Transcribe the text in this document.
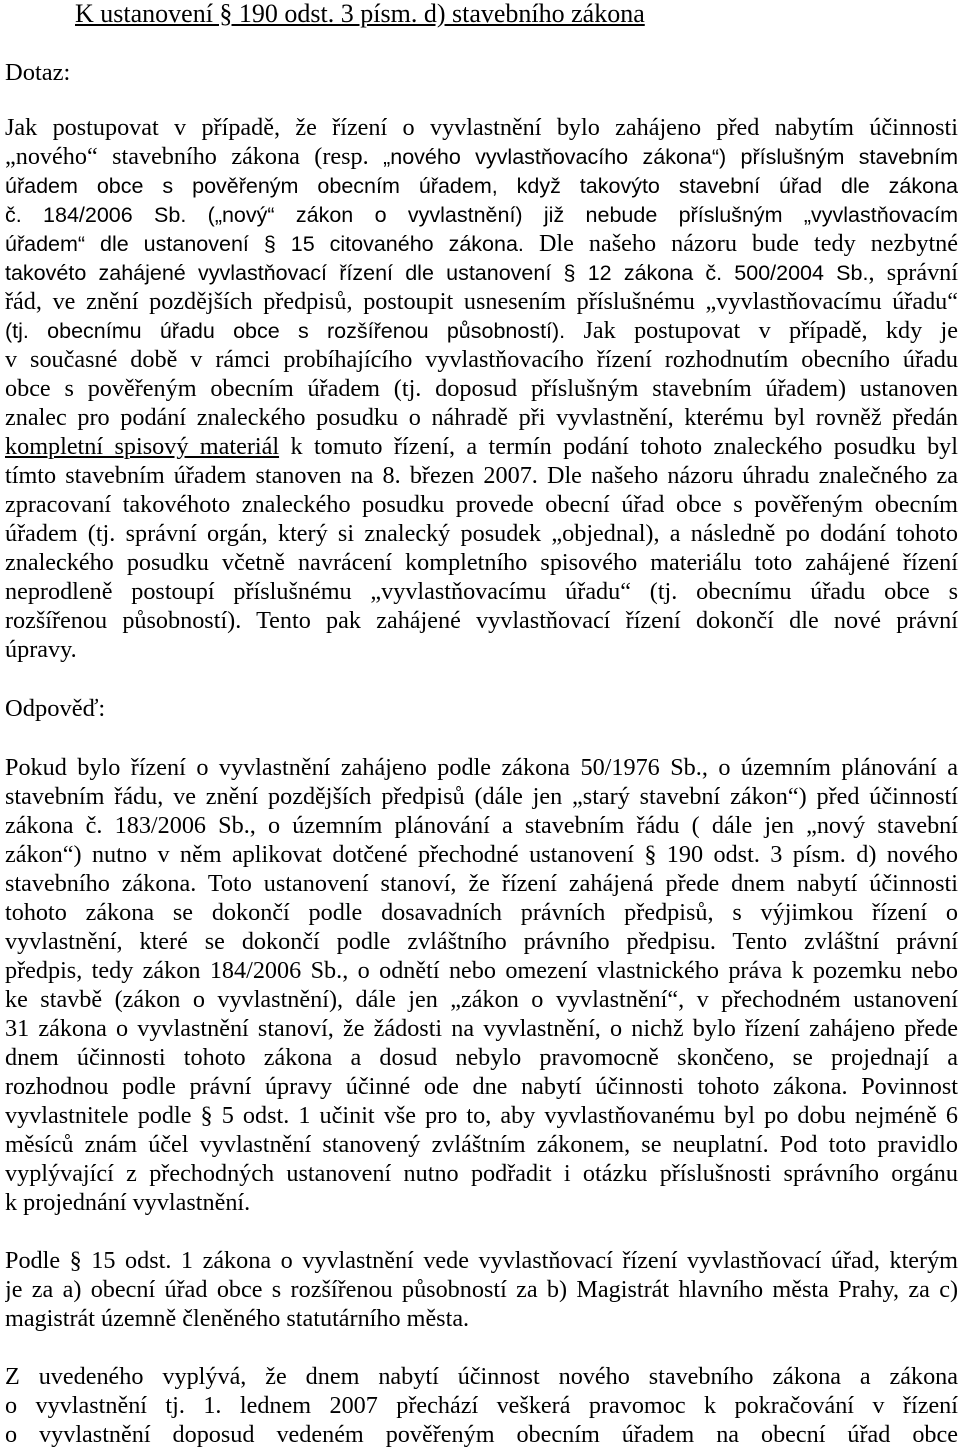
K ustanovení § 190 odst. 3 písm. d) stavebního zákona
Dotaz:
Jak postupovat v případě, že řízení o vyvlastnění bylo zahájeno před nabytím účinnosti
„nového“ stavebního zákona (resp. „nového vyvlastňovacího zákona“) příslušným stavebním
úřadem obce s pověřeným obecním úřadem, když takovýto stavební úřad dle zákona
č. 184/2006 Sb. („nový“ zákon o vyvlastnění) již nebude příslušným „vyvlastňovacím
úřadem“ dle ustanovení § 15 citovaného zákona. Dle našeho názoru bude tedy nezbytné
takovéto zahájené vyvlastňovací řízení dle ustanovení § 12 zákona č. 500/2004 Sb., správní
řád, ve znění pozdějších předpisů, postoupit usnesením příslušnému „vyvlastňovacímu úřadu“
(tj. obecnímu úřadu obce s rozšířenou působností). Jak postupovat v případě, kdy je
v současné době v rámci probíhajícího vyvlastňovacího řízení rozhodnutím obecního úřadu
obce s pověřeným obecním úřadem (tj. doposud příslušným stavebním úřadem) ustanoven
znalec pro podání znaleckého posudku o náhradě při vyvlastnění, kterému byl rovněž předán
kompletní spisový materiál k tomuto řízení, a termín podání tohoto znaleckého posudku byl
tímto stavebním úřadem stanoven na 8. březen 2007. Dle našeho názoru úhradu znalečného za
zpracovaní takovéhoto znaleckého posudku provede obecní úřad obce s pověřeným obecním
úřadem (tj. správní orgán, který si znalecký posudek „objednal), a následně po dodání tohoto
znaleckého posudku včetně navrácení kompletního spisového materiálu toto zahájené řízení
neprodleně postoupí příslušnému „vyvlastňovacímu úřadu“ (tj. obecnímu úřadu obce s
rozšířenou působností). Tento pak zahájené vyvlastňovací řízení dokončí dle nové právní
úpravy.
Odpověď:
Pokud bylo řízení o vyvlastnění zahájeno podle zákona 50/1976 Sb., o územním plánování a
stavebním řádu, ve znění pozdějších předpisů (dále jen „starý stavební zákon“) před účinností
zákona č. 183/2006 Sb., o územním plánování a stavebním řádu ( dále jen „nový stavební
zákon“) nutno v něm aplikovat dotčené přechodné ustanovení § 190 odst. 3 písm. d) nového
stavebního zákona. Toto ustanovení stanoví, že řízení zahájená přede dnem nabytí účinnosti
tohoto zákona se dokončí podle dosavadních právních předpisů, s výjimkou řízení o
vyvlastnění, které se dokončí podle zvláštního právního předpisu. Tento zvláštní právní
předpis, tedy zákon 184/2006 Sb., o odnětí nebo omezení vlastnického práva k pozemku nebo
ke stavbě (zákon o vyvlastnění), dále jen „zákon o vyvlastnění“, v přechodném ustanovení
31 zákona o vyvlastnění stanoví, že žádosti na vyvlastnění, o nichž bylo řízení zahájeno přede
dnem účinnosti tohoto zákona a dosud nebylo pravomocně skončeno, se projednají a
rozhodnou podle právní úpravy účinné ode dne nabytí účinnosti tohoto zákona. Povinnost
vyvlastnitele podle § 5 odst. 1 učinit vše pro to, aby vyvlastňovanému byl po dobu nejméně 6
měsíců znám účel vyvlastnění stanovený zvláštním zákonem, se neuplatní. Pod toto pravidlo
vyplývající z přechodných ustanovení nutno podřadit i otázku příslušnosti správního orgánu
k projednání vyvlastnění.
Podle § 15 odst. 1 zákona o vyvlastnění vede vyvlastňovací řízení vyvlastňovací úřad, kterým
je za a) obecní úřad obce s rozšířenou působností za b) Magistrát hlavního města Prahy, za c)
magistrát územně členěného statutárního města.
Z uvedeného vyplývá, že dnem nabytí účinnost nového stavebního zákona a zákona
o vyvlastnění tj. 1. lednem 2007 přechází veškerá pravomoc k pokračování v řízení
o vyvlastnění doposud vedeném pověřeným obecním úřadem na obecní úřad obce
